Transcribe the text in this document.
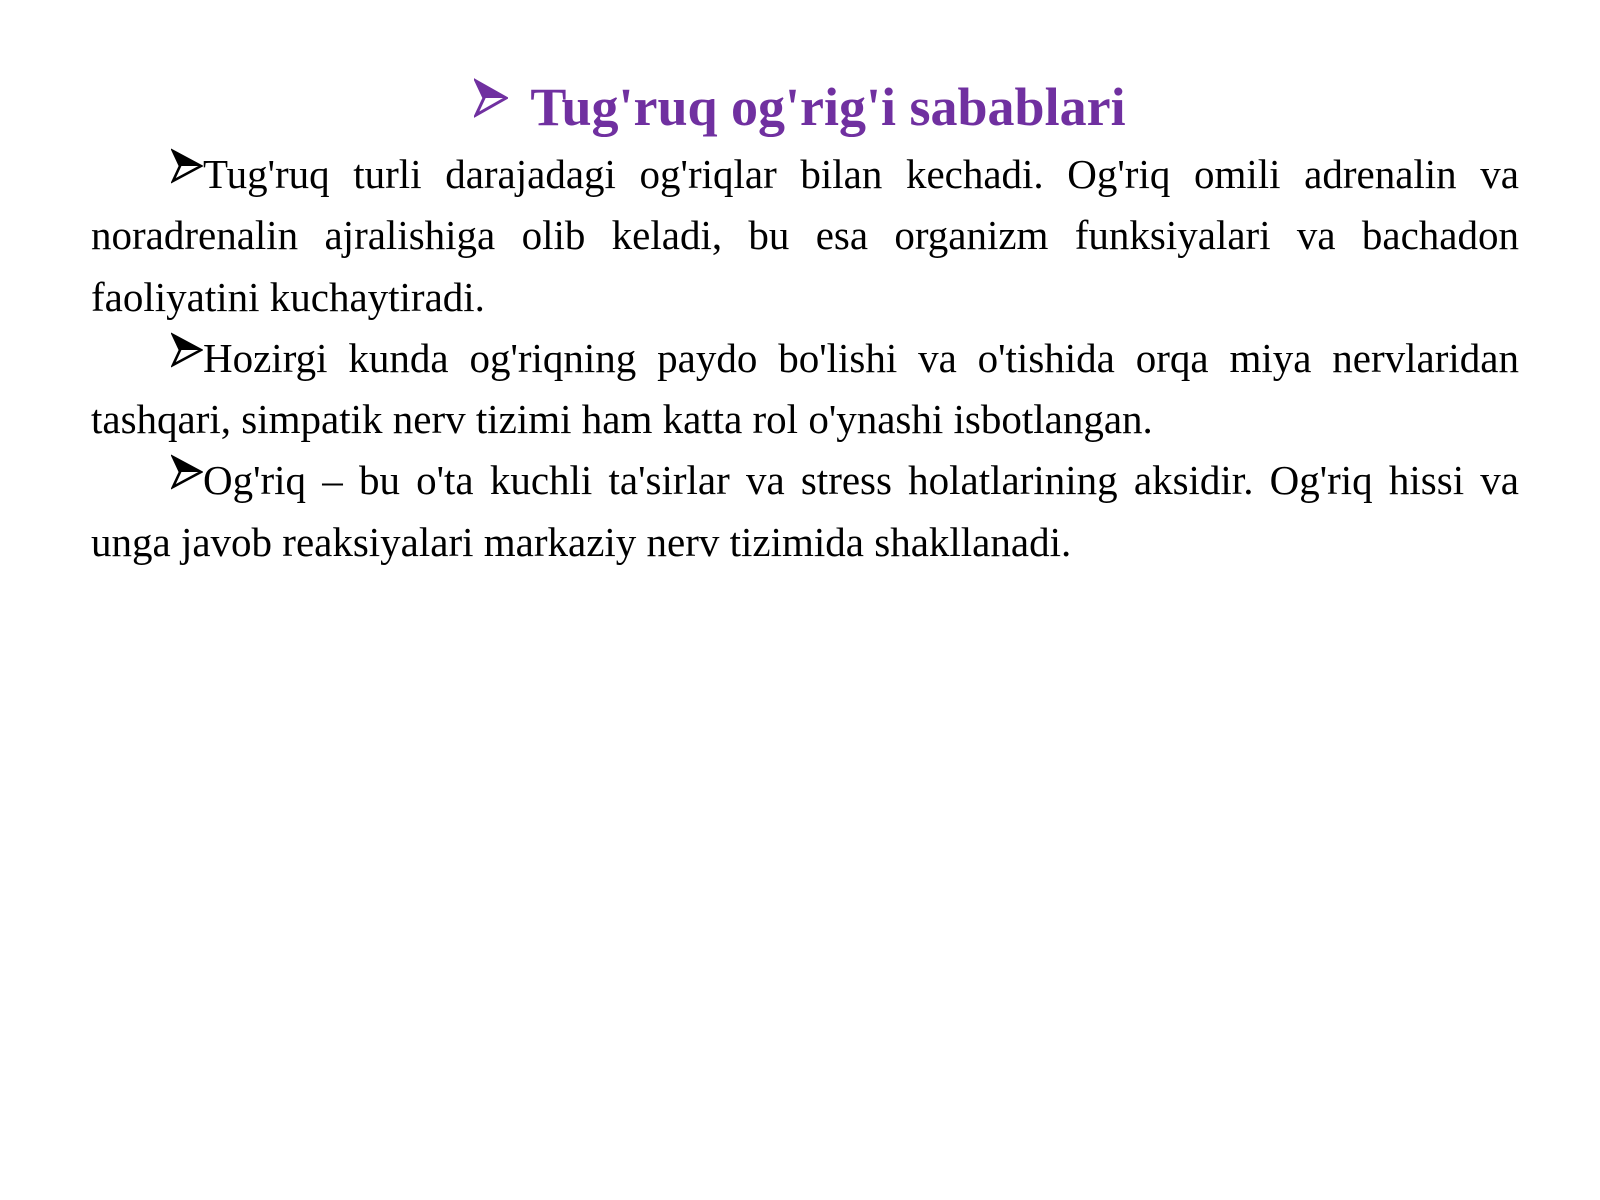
Tug'ruq og'rig'i sabablari

Tug'ruq turli darajadagi og'riqlar bilan kechadi. Og'riq omili adrenalin va noradrenalin ajralishiga olib keladi, bu esa organizm funksiyalari va bachadon faoliyatini kuchaytiradi.

Hozirgi kunda og'riqning paydo bo'lishi va o'tishida orqa miya nervlaridan tashqari, simpatik nerv tizimi ham katta rol o'ynashi isbotlangan.

Og'riq – bu o'ta kuchli ta'sirlar va stress holatlarining aksidir. Og'riq hissi va unga javob reaksiyalari markaziy nerv tizimida shakllanadi.
